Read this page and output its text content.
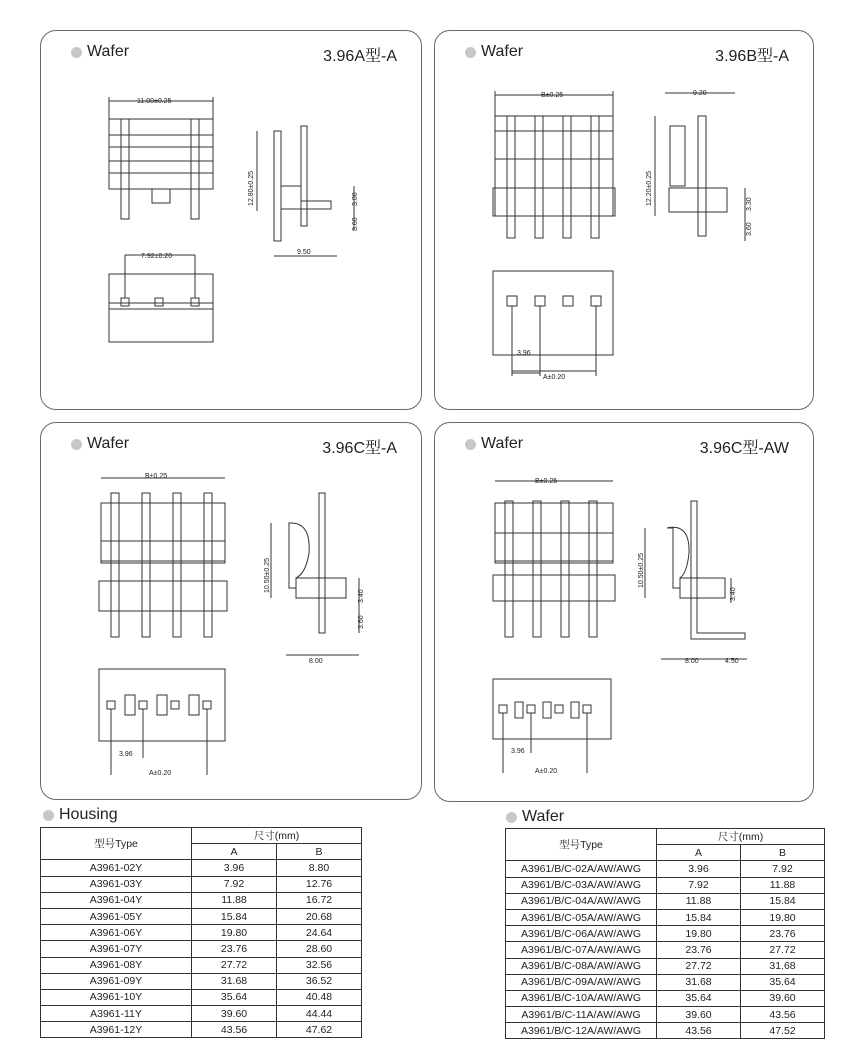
Wafer	3.96A型-A
11.00±0.25
7.92±0.20
12.80±0.25	3.00
3.60
9.50
Wafer	3.96B型-A
B±0.25	9.20
12.20±0.25	3.30
3.60
3.96
A±0.20
Wafer	3.96C型-A
B±0.25
10.50±0.25
3.40
3.60
8.00
3.96
A±0.20
Wafer	3.96C型-AW
B±0.25
10.50±0.25
3.40
8.00	4.50
3.96
A±0.20
Housing
型号Type	尺寸(mm)	
	A	B
A3961-02Y	3.96	8.80
A3961-03Y	7.92	12.76
A3961-04Y	11.88	16.72
A3961-05Y	15.84	20.68
A3961-06Y	19.80	24.64
A3961-07Y	23.76	28.60
A3961-08Y	27.72	32.56
A3961-09Y	31.68	36.52
A3961-10Y	35.64	40.48
A3961-11Y	39.60	44.44
A3961-12Y	43.56	47.62
Wafer
型号Type	尺寸(mm)	
	A	B
A3961/B/C-02A/AW/AWG	3.96	7.92
A3961/B/C-03A/AW/AWG	7.92	11.88
A3961/B/C-04A/AW/AWG	11.88	15.84
A3961/B/C-05A/AW/AWG	15.84	19.80
A3961/B/C-06A/AW/AWG	19.80	23.76
A3961/B/C-07A/AW/AWG	23.76	27.72
A3961/B/C-08A/AW/AWG	27.72	31.68
A3961/B/C-09A/AW/AWG	31.68	35.64
A3961/B/C-10A/AW/AWG	35.64	39.60
A3961/B/C-11A/AW/AWG	39.60	43.56
A3961/B/C-12A/AW/AWG	43.56	47.52
